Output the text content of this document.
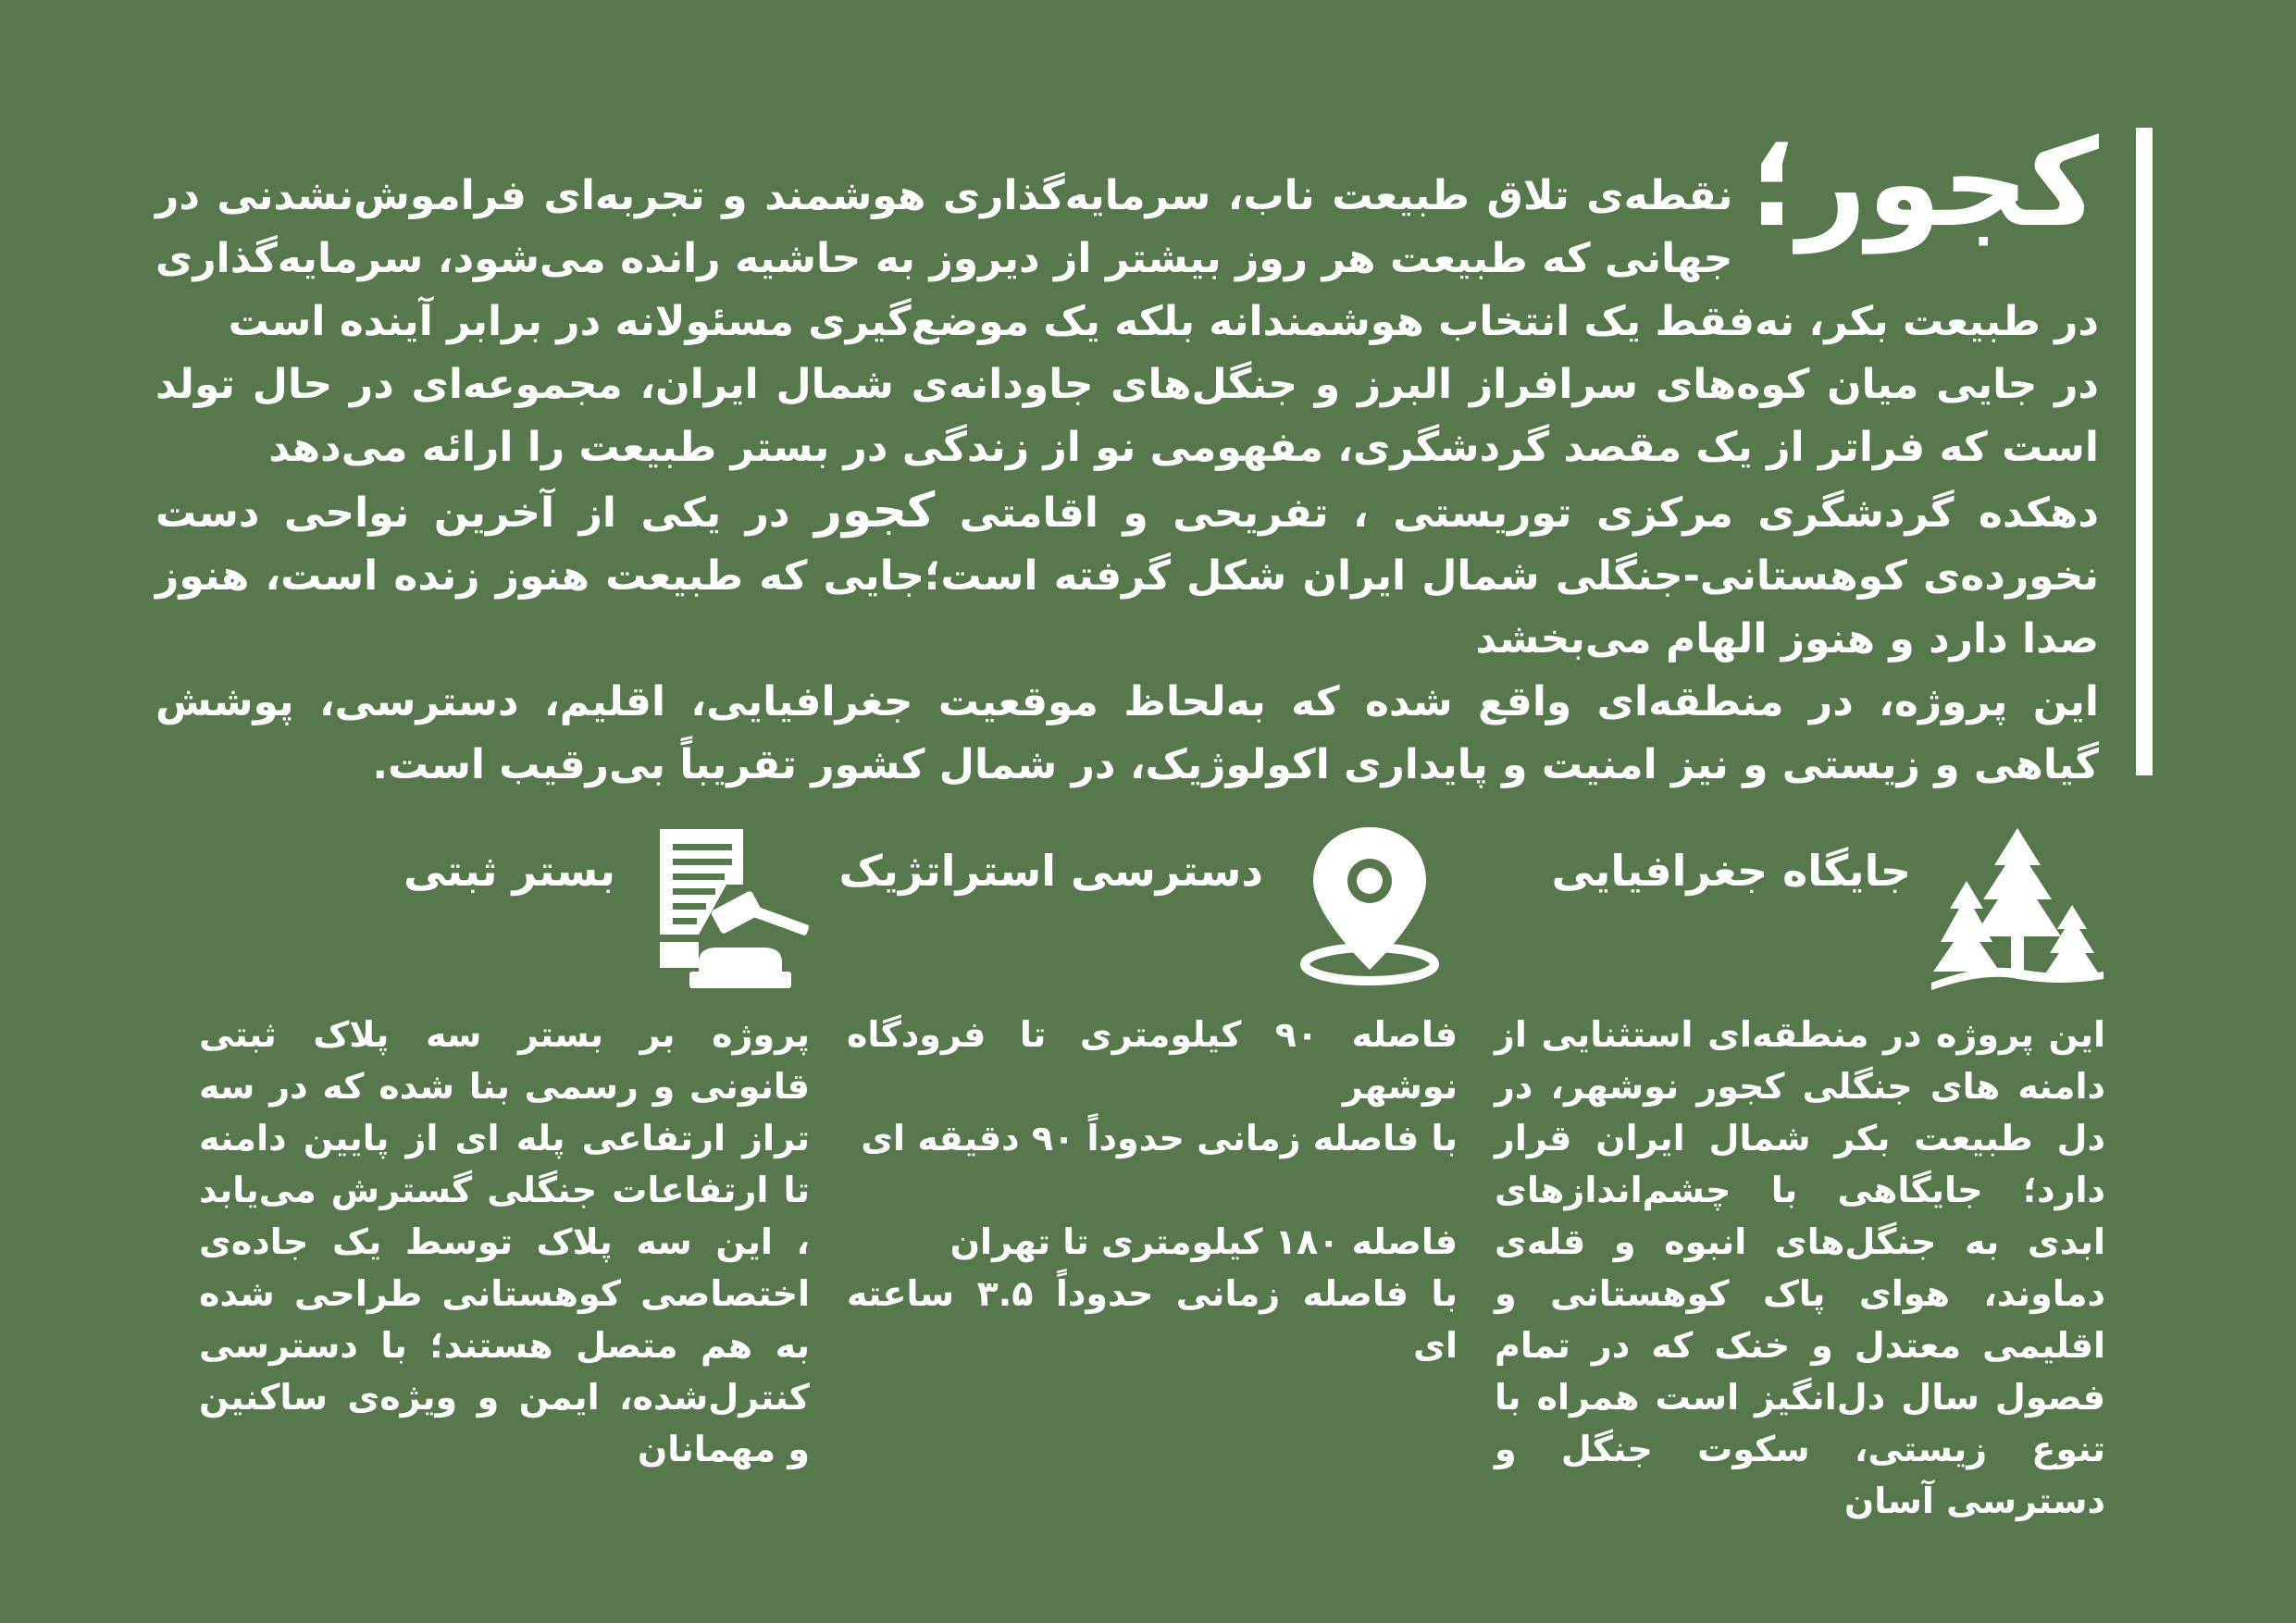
کجور؛
نقطه‌ی تلاق طبیعت ناب، سرمایه‌گذاری هوشمند و تجربه‌ای فراموش‌نشدنی در جهانی که طبیعت هر روز بیشتر از دیروز به حاشیه رانده می‌شود، سرمایه‌گذاری در طبیعت بکر، نه‌فقط یک انتخاب هوشمندانه بلکه یک موضع‌گیری مسئولانه در برابر آینده است

در جایی میان کوه‌های سرافراز البرز و جنگل‌های جاودانه‌ی شمال ایران، مجموعه‌ای در حال تولد است که فراتر از یک مقصد گردشگری، مفهومی نو از زندگی در بستر طبیعت را ارائه می‌دهد

دهکده گردشگری مرکزی توریستی ، تفریحی و اقامتی کجور در یکی از آخرین نواحی دست نخورده‌ی کوهستانی-جنگلی شمال ایران شکل گرفته است؛جایی که طبیعت هنوز زنده است، هنوز صدا دارد و هنوز الهام می‌بخشد

این پروژه، در منطقه‌ای واقع شده که به‌لحاظ موقعیت جغرافیایی، اقلیم، دسترسی، پوشش گیاهی و زیستی و نیز امنیت و پایداری اکولوژیک، در شمال کشور تقریباً بی‌رقیب است.

جایگاه جغرافیایی

این پروژه در منطقه‌ای استثنایی از دامنه های جنگلی کجور نوشهر، در دل طبیعت بکر شمال ایران قرار دارد؛ جایگاهی با چشم‌اندازهای ابدی به جنگل‌های انبوه و قله‌ی دماوند، هوای پاک کوهستانی و اقلیمی معتدل و خنک که در تمام فصول سال دل‌انگیز است همراه با تنوع زیستی، سکوت جنگل و دسترسی آسان

دسترسی استراتژیک

فاصله ۹۰ کیلومتری تا فرودگاه نوشهر
با فاصله زمانی حدوداً ۹۰ دقیقه ای

فاصله ۱۸۰ کیلومتری تا تهران
با فاصله زمانی حدوداً ۳.۵ ساعته ای

بستر ثبتی

پروژه بر بستر سه پلاک ثبتی قانونی و رسمی بنا شده که در سه تراز ارتفاعی پله ای از پایین دامنه تا ارتفاعات جنگلی گسترش می‌یابد ، این سه پلاک توسط یک جاده‌ی اختصاصی کوهستانی طراحی شده به هم متصل هستند؛ با دسترسی کنترل‌شده، ایمن و ویژه‌ی ساکنین و مهمانان
